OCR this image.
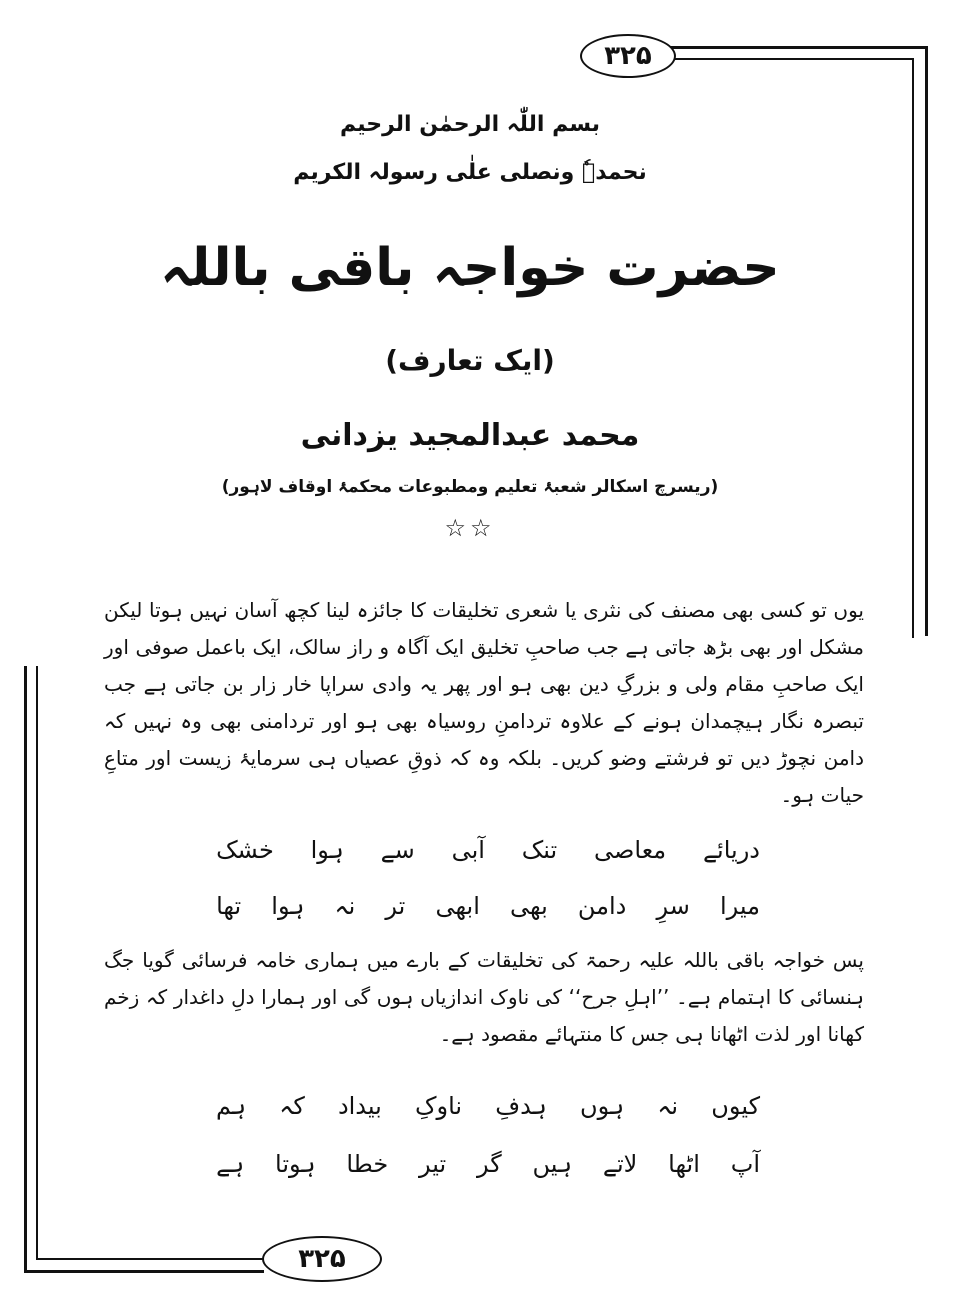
۳۲۵
بسم اللّٰہ الرحمٰن الرحیم
نحمدہٗ ونصلی علٰی رسولہ الکریم
حضرت خواجہ باقی باللہ
(ایک تعارف)
محمد عبدالمجید یزدانی
(ریسرچ اسکالر شعبۂ تعلیم ومطبوعات محکمۂ اوقاف لاہور)
☆☆
یوں تو کسی بھی مصنف کی نثری یا شعری تخلیقات کا جائزہ لینا کچھ آسان نہیں ہوتا لیکن مشکل اور بھی بڑھ جاتی ہے جب صاحبِ تخلیق ایک آگاہ و راز سالک، ایک باعمل صوفی اور ایک صاحبِ مقام ولی و بزرگِ دین بھی ہو اور پھر یہ وادی سراپا خار زار بن جاتی ہے جب تبصرہ نگار ہیچمدان ہونے کے علاوہ تردامنِ روسیاہ بھی ہو اور تردامنی بھی وہ نہیں کہ دامن نچوڑ دیں تو فرشتے وضو کریں۔ بلکہ وہ کہ ذوقِ عصیاں ہی سرمایۂ زیست اور متاعِ حیات ہو۔
دریائے
معاصی
تنک
آبی
سے
ہوا
خشک
میرا
سرِ
دامن
بھی
ابھی
تر
نہ
ہوا
تھا
پس خواجہ باقی باللہ علیہ رحمۃ کی تخلیقات کے بارے میں ہماری خامہ فرسائی گویا جگ ہنسائی کا اہتمام ہے۔ ’’اہلِ جرح‘‘ کی ناوک اندازیاں ہوں گی اور ہمارا دلِ داغدار کہ زخم کھانا اور لذت اٹھانا ہی جس کا منتہائے مقصود ہے۔
کیوں
نہ
ہوں
ہدفِ
ناوکِ
بیداد
کہ
ہم
آپ
اٹھا
لاتے
ہیں
گر
تیر
خطا
ہوتا
ہے
۳۲۵
